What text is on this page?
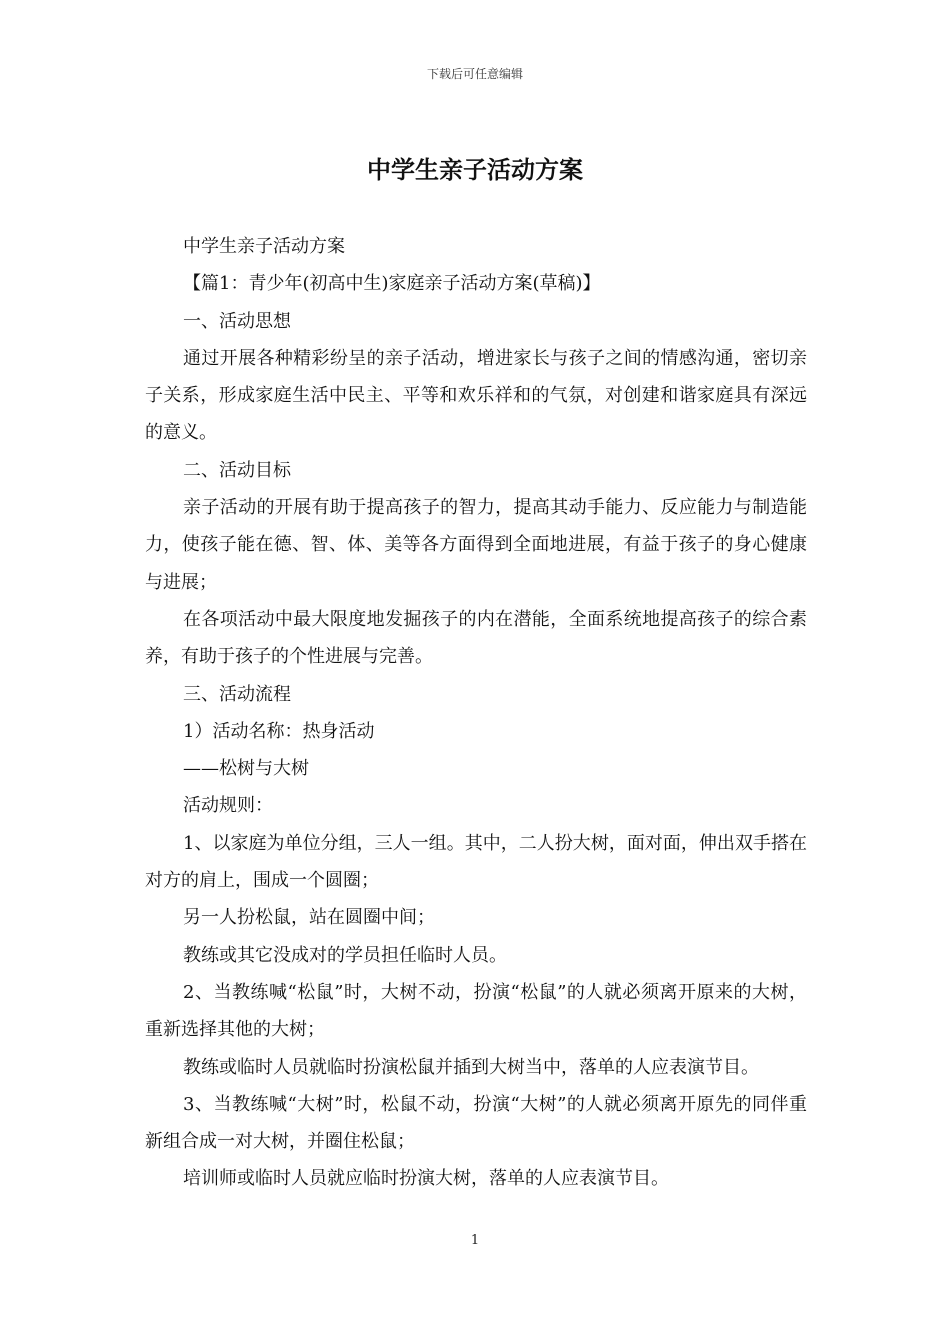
下载后可任意编辑
中学生亲子活动方案

中学生亲子活动方案

【篇1：青少年(初高中生)家庭亲子活动方案(草稿)】

一、活动思想

通过开展各种精彩纷呈的亲子活动，增进家长与孩子之间的情感沟通，密切亲子关系，形成家庭生活中民主、平等和欢乐祥和的气氛，对创建和谐家庭具有深远的意义。

二、活动目标

亲子活动的开展有助于提高孩子的智力，提高其动手能力、反应能力与制造能力，使孩子能在德、智、体、美等各方面得到全面地进展，有益于孩子的身心健康与进展；

在各项活动中最大限度地发掘孩子的内在潜能，全面系统地提高孩子的综合素养，有助于孩子的个性进展与完善。

三、活动流程

1）活动名称：热身活动

——松树与大树

活动规则：

1、以家庭为单位分组，三人一组。其中，二人扮大树，面对面，伸出双手搭在对方的肩上，围成一个圆圈；

另一人扮松鼠，站在圆圈中间；

教练或其它没成对的学员担任临时人员。

2、当教练喊“松鼠”时，大树不动，扮演“松鼠”的人就必须离开原来的大树，重新选择其他的大树；

教练或临时人员就临时扮演松鼠并插到大树当中，落单的人应表演节目。

3、当教练喊“大树”时，松鼠不动，扮演“大树”的人就必须离开原先的同伴重新组合成一对大树，并圈住松鼠；

培训师或临时人员就应临时扮演大树，落单的人应表演节目。

1
